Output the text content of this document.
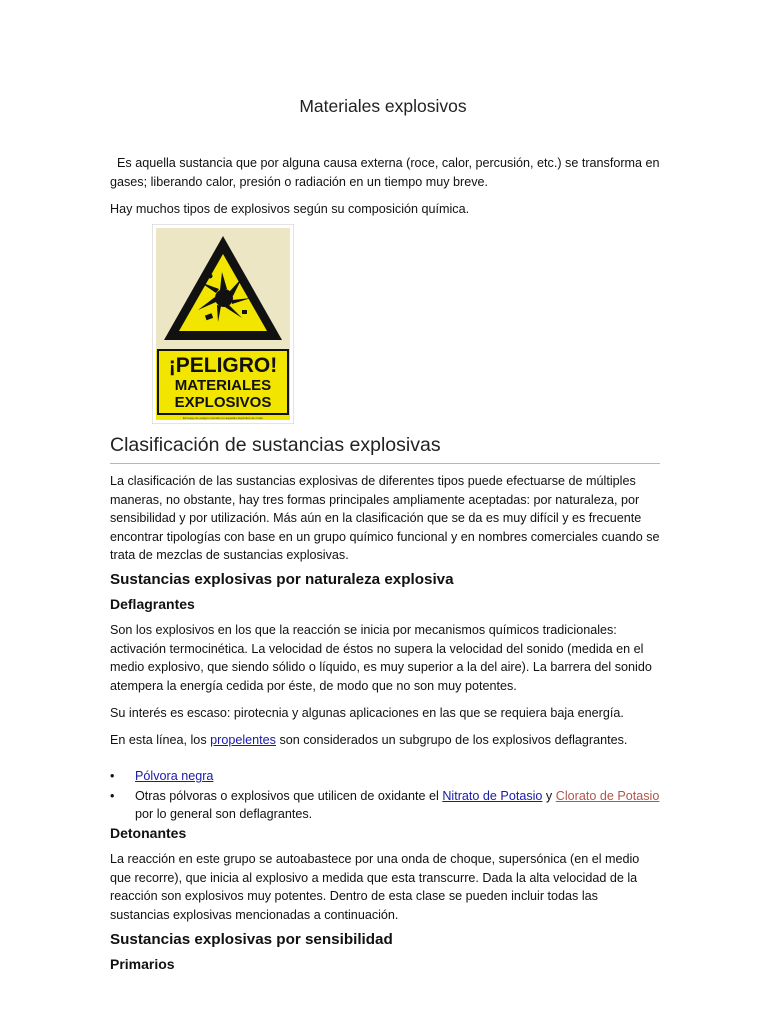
Materiales explosivos

Es aquella sustancia que por alguna causa externa (roce, calor, percusión, etc.) se transforma en gases; liberando calor, presión o radiación en un tiempo muy breve.

Hay muchos tipos de explosivos según su composición química.

¡PELIGRO!
MATERIALES
EXPLOSIVOS
El riesgo de peligro incendio en aquellas depósitos de crudo
Clasificación de sustancias explosivas

La clasificación de las sustancias explosivas de diferentes tipos puede efectuarse de múltiples maneras, no obstante, hay tres formas principales ampliamente aceptadas: por naturaleza, por sensibilidad y por utilización. Más aún en la clasificación que se da es muy difícil y es frecuente encontrar tipologías con base en un grupo químico funcional y en nombres comerciales cuando se trata de mezclas de sustancias explosivas.

Sustancias explosivas por naturaleza explosiva
Deflagrantes

Son los explosivos en los que la reacción se inicia por mecanismos químicos tradicionales: activación termocinética. La velocidad de éstos no supera la velocidad del sonido (medida en el medio explosivo, que siendo sólido o líquido, es muy superior a la del aire). La barrera del sonido atempera la energía cedida por éste, de modo que no son muy potentes.

Su interés es escaso: pirotecnia y algunas aplicaciones en las que se requiera baja energía.

En esta línea, los propelentes son considerados un subgrupo de los explosivos deflagrantes.

• Pólvora negra
• Otras pólvoras o explosivos que utilicen de oxidante el Nitrato de Potasio y Clorato de Potasio por lo general son deflagrantes.
Detonantes

La reacción en este grupo se autoabastece por una onda de choque, supersónica (en el medio que recorre), que inicia al explosivo a medida que esta transcurre. Dada la alta velocidad de la reacción son explosivos muy potentes. Dentro de esta clase se pueden incluir todas las sustancias explosivas mencionadas a continuación.

Sustancias explosivas por sensibilidad
Primarios
